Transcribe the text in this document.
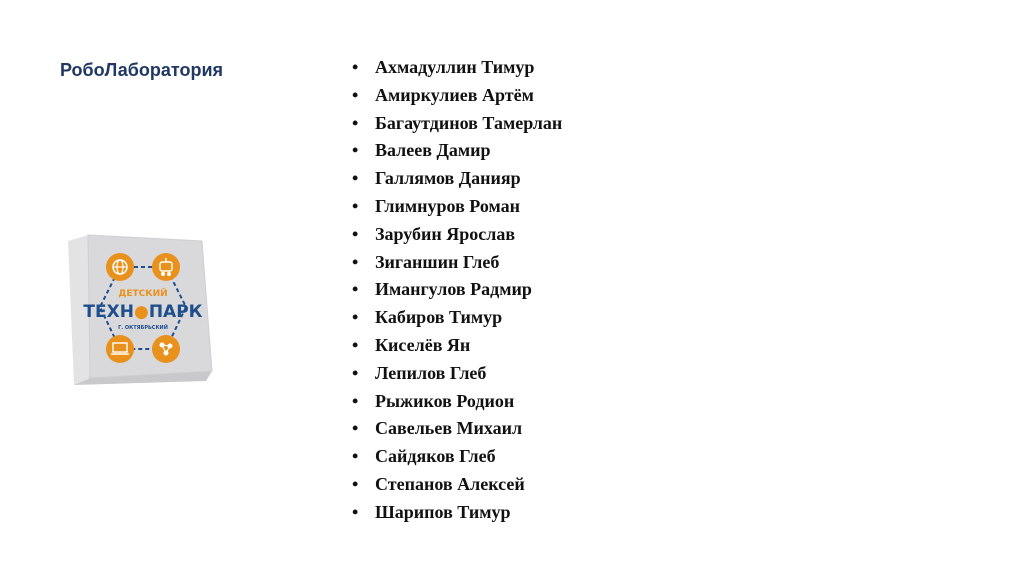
РобоЛаборатория
ДЕТСКИЙ
ТЕХН●ПАРК
Г. ОКТЯБРЬСКИЙ
• Ахмадуллин Тимур
• Амиркулиев Артём
• Багаутдинов Тамерлан
• Валеев Дамир
• Галлямов Данияр
• Глимнуров Роман
• Зарубин Ярослав
• Зиганшин Глеб
• Имангулов Радмир
• Кабиров Тимур
• Киселёв Ян
• Лепилов Глеб
• Рыжиков Родион
• Савельев Михаил
• Сайдяков Глеб
• Степанов Алексей
• Шарипов Тимур
